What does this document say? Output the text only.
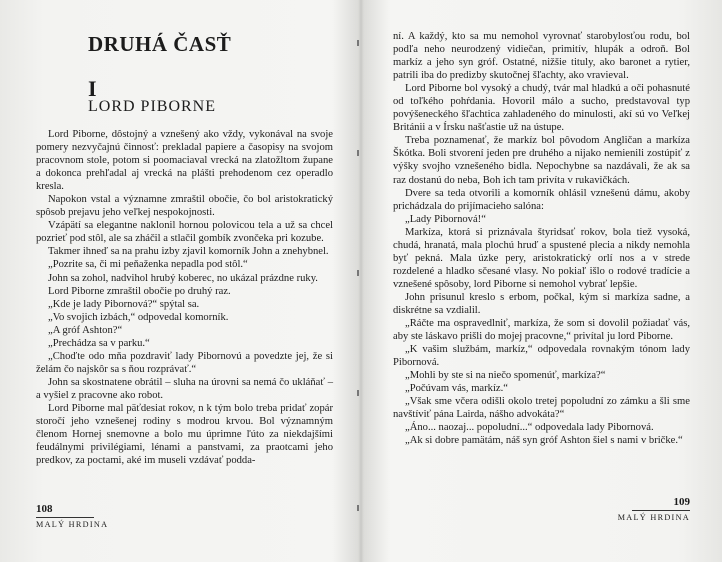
DRUHÁ ČASŤ
I
LORD PIBORNE

Lord Piborne, dôstojný a vznešený ako vždy, vykonával na svoje pomery nezvyčajnú činnosť: prekladal papiere a časopisy na svojom pracovnom stole, potom si poomaciaval vrecká na zlatožltom župane a dokonca prehľadal aj vrecká na plášti prehodenom cez operadlo kresla.

Napokon vstal a významne zmraštil obočie, čo bol aristokratický spôsob prejavu jeho veľkej nespokojnosti.

Vzápätí sa elegantne naklonil hornou polovicou tela a už sa chcel pozrieť pod stôl, ale sa zháčil a stlačil gombík zvončeka pri kozube.

Takmer ihneď sa na prahu izby zjavil komorník John a znehybnel.

„Pozrite sa, či mi peňaženka nepadla pod stôl.“

John sa zohol, nadvihol hrubý koberec, no ukázal prázdne ruky.

Lord Piborne zmraštil obočie po druhý raz.

„Kde je lady Pibornová?“ spýtal sa.

„Vo svojich izbách,“ odpovedal komorník.

„A gróf Ashton?“

„Prechádza sa v parku.“

„Choďte odo mňa pozdraviť lady Pibornovú a povedzte jej, že si želám čo najskôr sa s ňou rozprávať.“

John sa skostnatene obrátil – sluha na úrovni sa nemá čo ukláňať – a vyšiel z pracovne ako robot.

Lord Piborne mal päťdesiat rokov, n k tým bolo treba pridať zopár storočí jeho vznešenej rodiny s modrou krvou. Bol významným členom Hornej snemovne a bolo mu úprimne ľúto za niekdajšími feudálnymi privilégiami, lénami a panstvami, za praotcami jeho predkov, za poctami, aké im museli vzdávať podda-

108
MALÝ HRDINA

ní. A každý, kto sa mu nemohol vyrovnať starobylosťou rodu, bol podľa neho neurodzený vidiečan, primitív, hlupák a odroň. Bol markíz a jeho syn gróf. Ostatné, nižšie tituly, ako baronet a rytier, patrili iba do predizby skutočnej šľachty, ako vravieval.

Lord Piborne bol vysoký a chudý, tvár mal hladkú a oči pohasnuté od toľkého pohŕdania. Hovoril málo a sucho, predstavoval typ povýšeneckého šľachtica zahladeného do minulosti, akí sú vo Veľkej Británii a v Írsku našťastie už na ústupe.

Treba poznamenať, že markíz bol pôvodom Angličan a markíza Škótka. Boli stvorení jeden pre druhého a nijako nemienili zostúpiť z výšky svojho vznešeného bidla. Nepochybne sa nazdávali, že ak sa raz dostanú do neba, Boh ich tam privíta v rukavičkách.

Dvere sa teda otvorili a komorník ohlásil vznešenú dámu, akoby prichádzala do prijímacieho salóna:

„Lady Pibornová!“

Markíza, ktorá si priznávala štyridsať rokov, bola tiež vysoká, chudá, hranatá, mala plochú hruď a spustené plecia a nikdy nemohla byť pekná. Mala úzke pery, aristokratický orlí nos a v strede rozdelené a hladko sčesané vlasy. No pokiaľ išlo o rodové tradície a vznešené spôsoby, lord Piborne si nemohol vybrať lepšie.

John prisunul kreslo s erbom, počkal, kým si markíza sadne, a diskrétne sa vzdialil.

„Ráčte ma ospravedlniť, markíza, že som si dovolil požiadať vás, aby ste láskavo prišli do mojej pracovne,“ privítal ju lord Piborne.

„K vašim službám, markíz,“ odpovedala rovnakým tónom lady Pibornová.

„Mohli by ste si na niečo spomenúť, markíza?“

„Počúvam vás, markíz.“

„Však sme včera odišli okolo tretej popoludní zo zámku a šli sme navštíviť pána Lairda, nášho advokáta?“

„Áno... naozaj... popoludní...“ odpovedala lady Pibornová.

„Ak si dobre pamätám, náš syn gróf Ashton šiel s nami v bričke.“

109
MALÝ HRDINA
